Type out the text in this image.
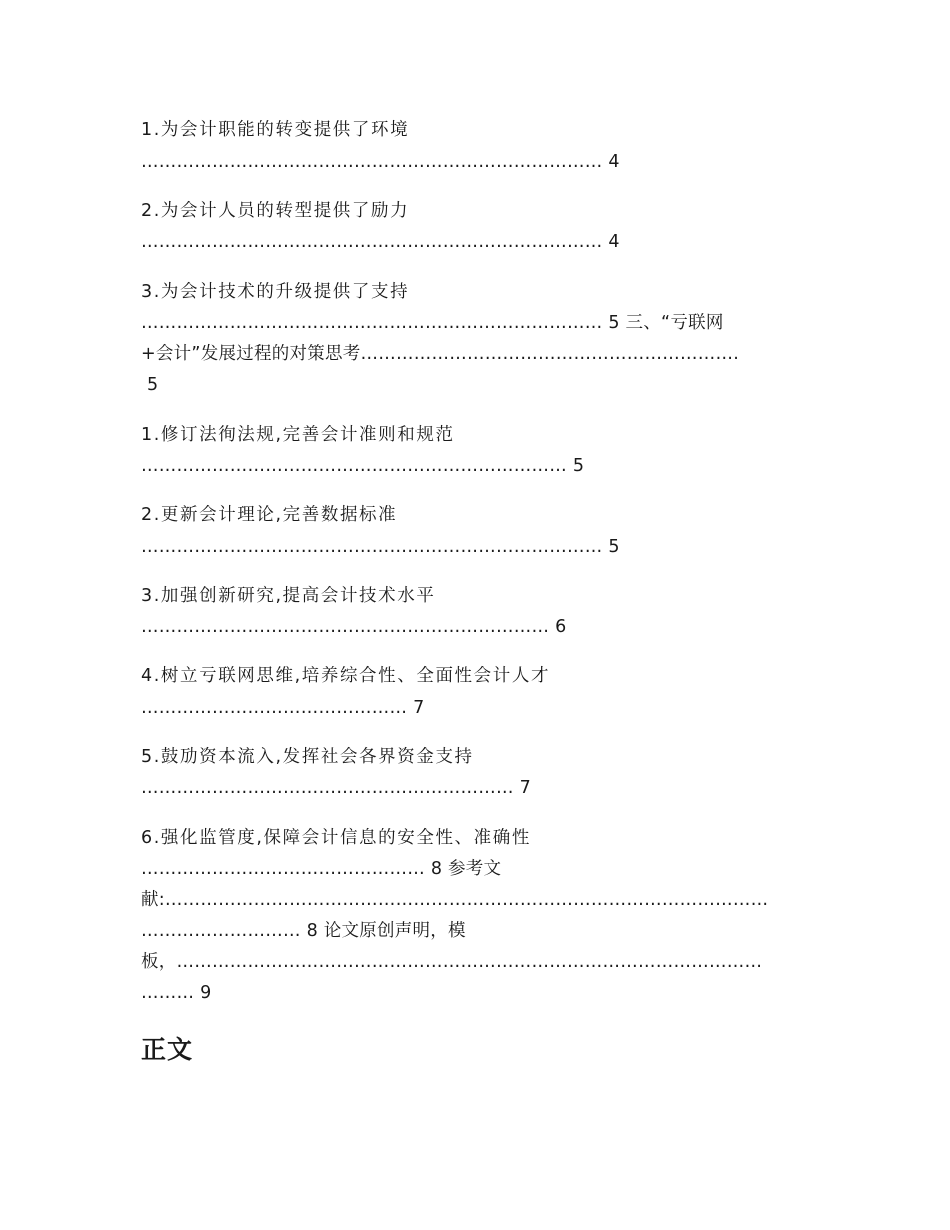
1.为会计职能的转变提供了环境
…………………………………………………………………… 4
2.为会计人员的转型提供了励力
…………………………………………………………………… 4
3.为会计技术的升级提供了支持
…………………………………………………………………… 5 三、“亏联网
+会计”发展过程的对策思考……………………………………………………….
5
1.修订法徇法规,完善会计准则和规范
……………………………………………………………… 5
2.更新会计理论,完善数据标准
…………………………………………………………………… 5
3.加强创新研究,提高会计技术水平
…………………………………………………………… 6
4.树立亏联网思维,培养综合性、全面性会计人才
……………………………………… 7
5.鼓劢资本流入,发挥社会各界资金支持
……………………………………………………… 7
6.强化监管度,保障会计信息的安全性、准确性
………………………………………… 8 参考文
献:…………………………………………………………………………………………
……………………… 8 论文原创声明，模
板，………………………………………………………………………………………
……… 9
正文
